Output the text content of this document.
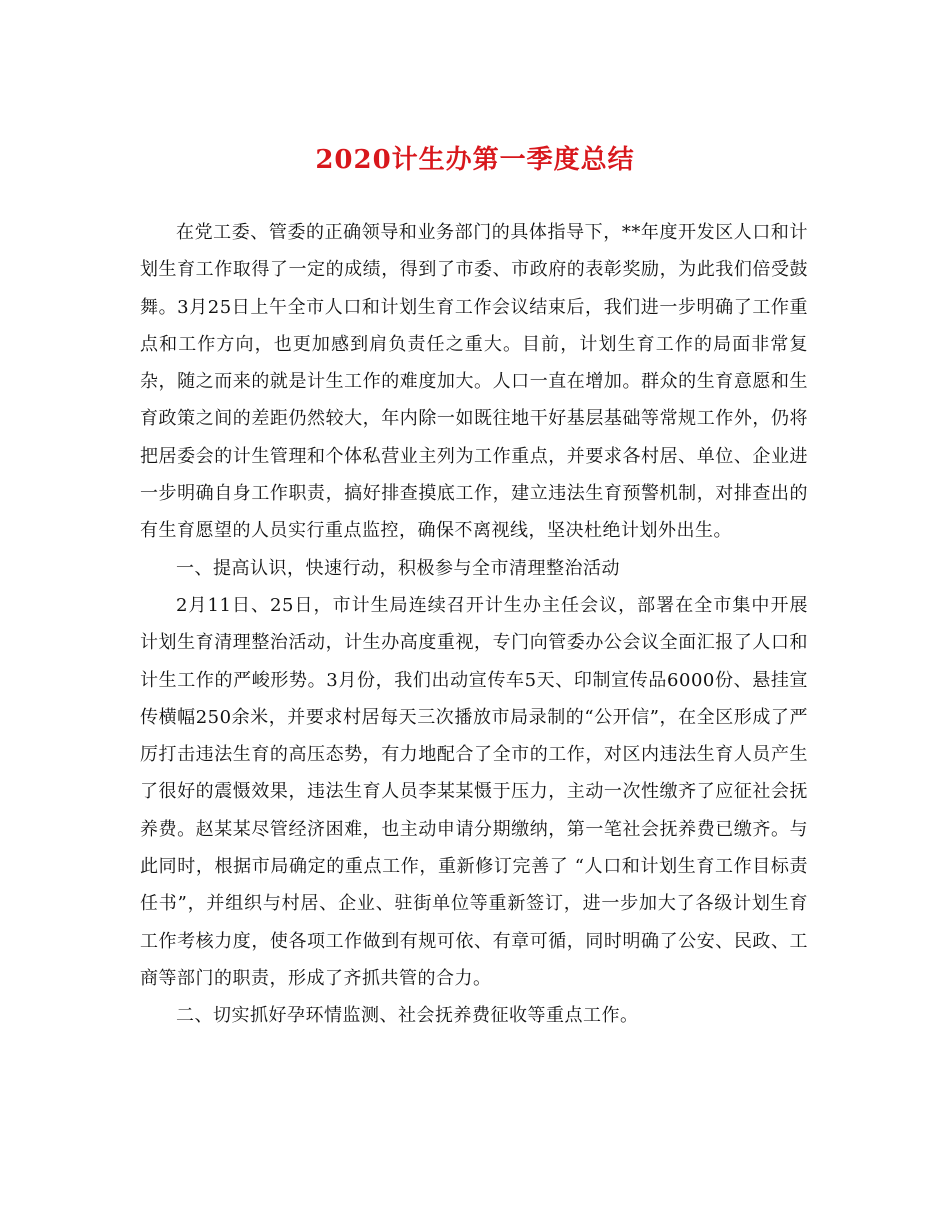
2020计生办第一季度总结

在党工委、管委的正确领导和业务部门的具体指导下，**年度开发区人口和计划生育工作取得了一定的成绩，得到了市委、市政府的表彰奖励，为此我们倍受鼓舞。3月25日上午全市人口和计划生育工作会议结束后，我们进一步明确了工作重点和工作方向，也更加感到肩负责任之重大。目前，计划生育工作的局面非常复杂，随之而来的就是计生工作的难度加大。人口一直在增加。群众的生育意愿和生育政策之间的差距仍然较大，年内除一如既往地干好基层基础等常规工作外，仍将把居委会的计生管理和个体私营业主列为工作重点，并要求各村居、单位、企业进一步明确自身工作职责，搞好排查摸底工作，建立违法生育预警机制，对排查出的有生育愿望的人员实行重点监控，确保不离视线，坚决杜绝计划外出生。

一、提高认识，快速行动，积极参与全市清理整治活动

2月11日、25日，市计生局连续召开计生办主任会议，部署在全市集中开展计划生育清理整治活动，计生办高度重视，专门向管委办公会议全面汇报了人口和计生工作的严峻形势。3月份，我们出动宣传车5天、印制宣传品6000份、悬挂宣传横幅250余米，并要求村居每天三次播放市局录制的“公开信”，在全区形成了严厉打击违法生育的高压态势，有力地配合了全市的工作，对区内违法生育人员产生了很好的震慑效果，违法生育人员李某某慑于压力，主动一次性缴齐了应征社会抚养费。赵某某尽管经济困难，也主动申请分期缴纳，第一笔社会抚养费已缴齐。与此同时，根据市局确定的重点工作，重新修订完善了 “人口和计划生育工作目标责任书”，并组织与村居、企业、驻街单位等重新签订，进一步加大了各级计划生育工作考核力度，使各项工作做到有规可依、有章可循，同时明确了公安、民政、工商等部门的职责，形成了齐抓共管的合力。

二、切实抓好孕环情监测、社会抚养费征收等重点工作。
